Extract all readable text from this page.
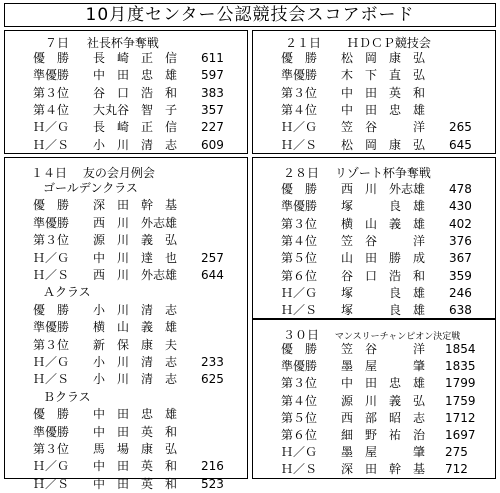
10月度センター公認競技会スコアボード
７日 社長杯争奪戦
優　勝 長　崎　正　信 611
準優勝 中　田　忠　雄 597
第３位 谷　口　浩　和 383
第４位 大丸谷　智　子 357
Ｈ／Ｇ 長　崎　正　信 227
Ｈ／Ｓ 小　川　清　志 609
２１日 ＨＤＣＰ競技会
優　勝 松　岡　康　弘
準優勝 木　下　直　弘
第３位 中　田　英　和
第４位 中　田　忠　雄
Ｈ／Ｇ 笠　谷　　　洋 265
Ｈ／Ｓ 松　岡　康　弘 645
１４日 友の会月例会
ゴールデンクラス
優　勝 深　田　幹　基
準優勝 西　川　外志雄
第３位 源　川　義　弘
Ｈ／Ｇ 中　川　達　也 257
Ｈ／Ｓ 西　川　外志雄 644
Ａクラス
優　勝 小　川　清　志
準優勝 横　山　義　雄
第３位 新　保　康　夫
Ｈ／Ｇ 小　川　清　志 233
Ｈ／Ｓ 小　川　清　志 625
Ｂクラス
優　勝 中　田　忠　雄
準優勝 中　田　英　和
第３位 馬　場　康　弘
Ｈ／Ｇ 中　田　英　和 216
Ｈ／Ｓ 中　田　英　和 523
２８日 リゾート杯争奪戦
優　勝 西　川　外志雄 478
準優勝 塚　　　良　雄 430
第３位 横　山　義　雄 402
第４位 笠　谷　　　洋 376
第５位 山　田　勝　成 367
第６位 谷　口　浩　和 359
Ｈ／Ｇ 塚　　　良　雄 246
Ｈ／Ｓ 塚　　　良　雄 638
３０日 マンスリーチャンピオン決定戦
優　勝 笠　谷　　　洋 1854
準優勝 墨　屋　　　肇 1835
第３位 中　田　忠　雄 1799
第４位 源　川　義　弘 1759
第５位 西　部　昭　志 1712
第６位 細　野　祐　治 1697
Ｈ／Ｇ 墨　屋　　　肇 275
Ｈ／Ｓ 深　田　幹　基 712
